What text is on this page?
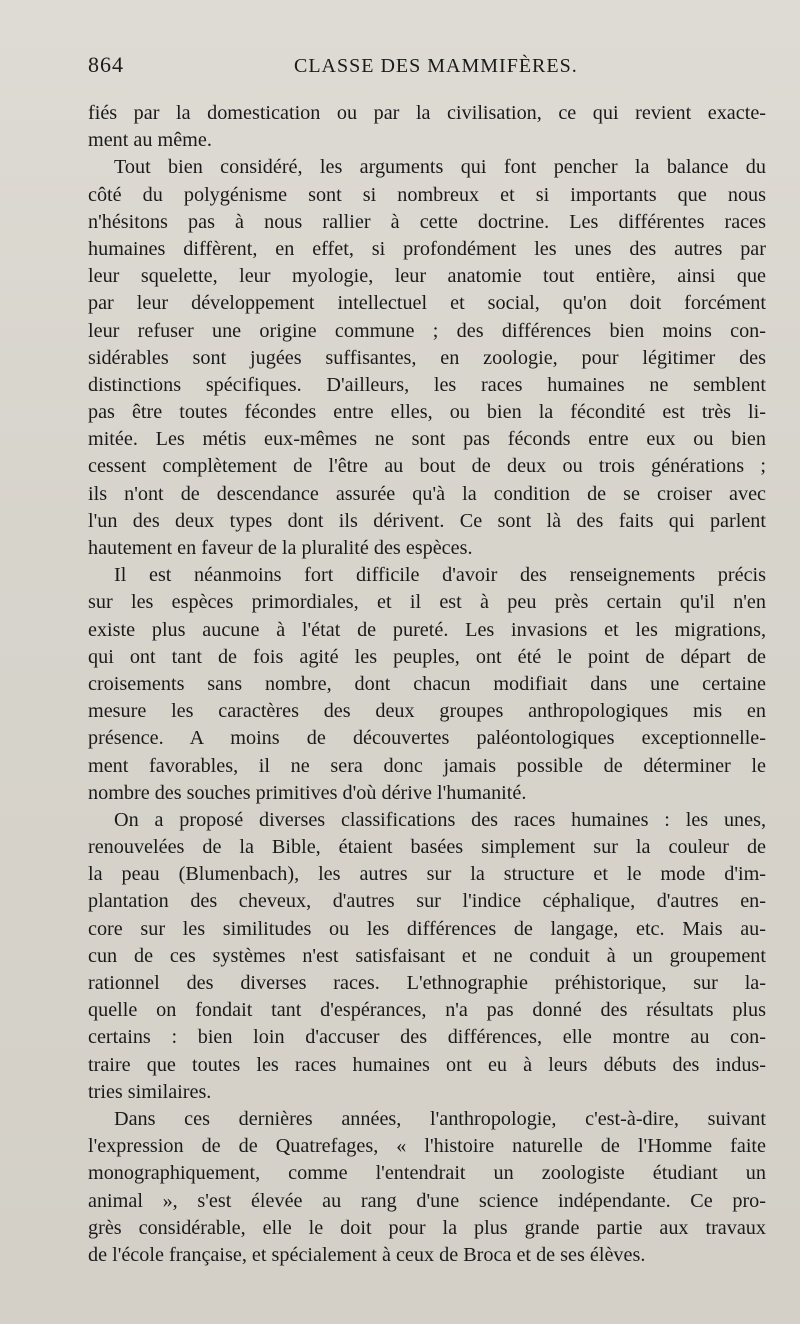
864	CLASSE DES MAMMIFÈRES.
fiés par la domestication ou par la civilisation, ce qui revient exacte-
ment au même.
Tout bien considéré, les arguments qui font pencher la balance du
côté du polygénisme sont si nombreux et si importants que nous
n'hésitons pas à nous rallier à cette doctrine. Les différentes races
humaines diffèrent, en effet, si profondément les unes des autres par
leur squelette, leur myologie, leur anatomie tout entière, ainsi que
par leur développement intellectuel et social, qu'on doit forcément
leur refuser une origine commune ; des différences bien moins con-
sidérables sont jugées suffisantes, en zoologie, pour légitimer des
distinctions spécifiques. D'ailleurs, les races humaines ne semblent
pas être toutes fécondes entre elles, ou bien la fécondité est très li-
mitée. Les métis eux-mêmes ne sont pas féconds entre eux ou bien
cessent complètement de l'être au bout de deux ou trois générations ;
ils n'ont de descendance assurée qu'à la condition de se croiser avec
l'un des deux types dont ils dérivent. Ce sont là des faits qui parlent
hautement en faveur de la pluralité des espèces.
Il est néanmoins fort difficile d'avoir des renseignements précis
sur les espèces primordiales, et il est à peu près certain qu'il n'en
existe plus aucune à l'état de pureté. Les invasions et les migrations,
qui ont tant de fois agité les peuples, ont été le point de départ de
croisements sans nombre, dont chacun modifiait dans une certaine
mesure les caractères des deux groupes anthropologiques mis en
présence. A moins de découvertes paléontologiques exceptionnelle-
ment favorables, il ne sera donc jamais possible de déterminer le
nombre des souches primitives d'où dérive l'humanité.
On a proposé diverses classifications des races humaines : les unes,
renouvelées de la Bible, étaient basées simplement sur la couleur de
la peau (Blumenbach), les autres sur la structure et le mode d'im-
plantation des cheveux, d'autres sur l'indice céphalique, d'autres en-
core sur les similitudes ou les différences de langage, etc. Mais au-
cun de ces systèmes n'est satisfaisant et ne conduit à un groupement
rationnel des diverses races. L'ethnographie préhistorique, sur la-
quelle on fondait tant d'espérances, n'a pas donné des résultats plus
certains : bien loin d'accuser des différences, elle montre au con-
traire que toutes les races humaines ont eu à leurs débuts des indus-
tries similaires.
Dans ces dernières années, l'anthropologie, c'est-à-dire, suivant
l'expression de de Quatrefages, « l'histoire naturelle de l'Homme faite
monographiquement, comme l'entendrait un zoologiste étudiant un
animal », s'est élevée au rang d'une science indépendante. Ce pro-
grès considérable, elle le doit pour la plus grande partie aux travaux
de l'école française, et spécialement à ceux de Broca et de ses élèves.
